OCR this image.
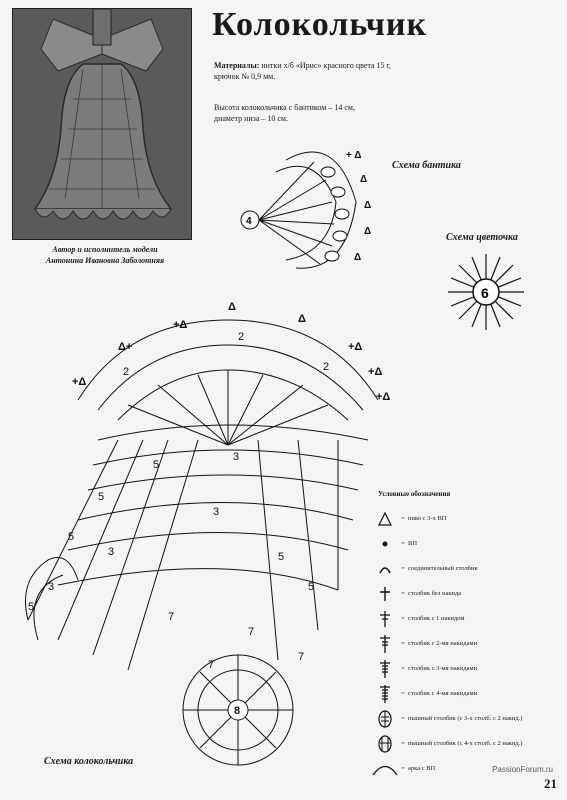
Автор и исполнитель модели
Антонина Ивановна Заболотняя
Колокольчик
Материалы: нитки х/б «Ирис» красного цвета 15 г,
крючок № 0,9 мм.
Высота колокольчика с бантиком – 14 см,
диаметр низа – 10 см.
Схема бантика
+ Δ
Δ
Δ
Δ
Δ
4
Схема цветочка
6
+Δ
Δ+
+Δ
Δ
Δ
+Δ
+Δ
+Δ
2
2
2
3
3
5
5
5
5
5
5
7
7
7
7
3
3
8
Схема колокольчика
Условные обозначения
= пико с 3-х ВП
= ВП
= соединительный столбик
= столбик без накида
= столбик с 1 накидом
= столбик с 2-мя накидами
= столбик с 3-мя накидами
= столбик с 4-мя накидами
= пышный столбик (с 3-х столб. с 2 накид.)
= пышный столбик (с 4-х столб. с 2 накид.)
= арка с ВП	PassionForum.ru
21
